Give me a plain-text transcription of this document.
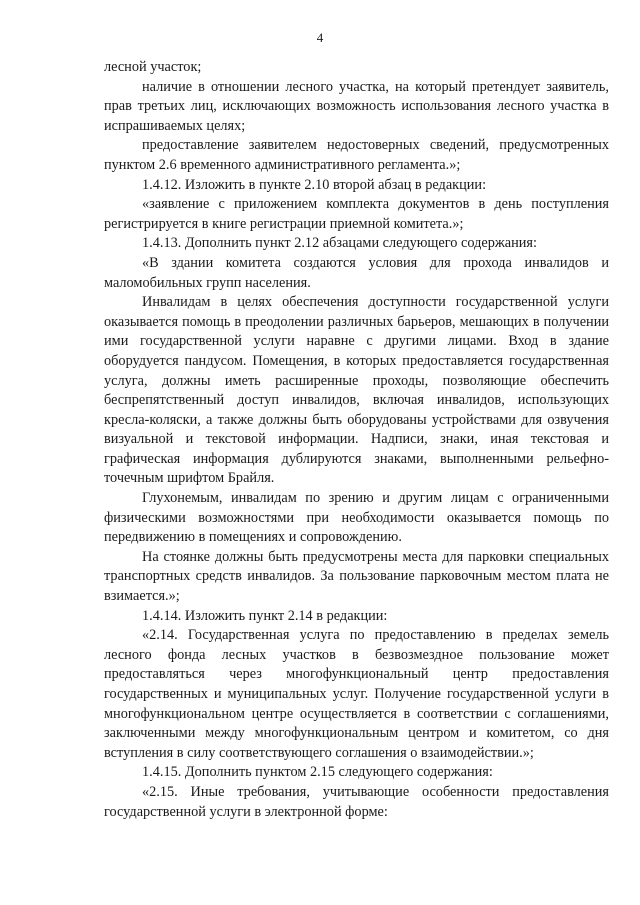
4

лесной участок;

наличие в отношении лесного участка, на который претендует заявитель, прав третьих лиц, исключающих возможность использования лесного участка в испрашиваемых целях;

предоставление заявителем недостоверных сведений, предусмотренных пунктом 2.6 временного административного регламента.»;

1.4.12. Изложить в пункте 2.10 второй абзац в редакции:

«заявление с приложением комплекта документов в день поступления регистрируется в книге регистрации приемной комитета.»;

1.4.13. Дополнить пункт 2.12 абзацами следующего содержания:

«В здании комитета создаются условия для прохода инвалидов и маломобильных групп населения.

Инвалидам в целях обеспечения доступности государственной услуги оказывается помощь в преодолении различных барьеров, мешающих в получении ими государственной услуги наравне с другими лицами. Вход в здание оборудуется пандусом. Помещения, в которых предоставляется государственная услуга, должны иметь расширенные проходы, позволяющие обеспечить беспрепятственный доступ инвалидов, включая инвалидов, использующих кресла-коляски, а также должны быть оборудованы устройствами для озвучения визуальной и текстовой информации. Надписи, знаки, иная текстовая и графическая информация дублируются знаками, выполненными рельефно-точечным шрифтом Брайля.

Глухонемым, инвалидам по зрению и другим лицам с ограниченными физическими возможностями при необходимости оказывается помощь по передвижению в помещениях и сопровождению.

На стоянке должны быть предусмотрены места для парковки специальных транспортных средств инвалидов. За пользование парковочным местом плата не взимается.»;

1.4.14. Изложить пункт 2.14 в редакции:

«2.14. Государственная услуга по предоставлению в пределах земель лесного фонда лесных участков в безвозмездное пользование может предоставляться через многофункциональный центр предоставления государственных и муниципальных услуг. Получение государственной услуги в многофункциональном центре осуществляется в соответствии с соглашениями, заключенными между многофункциональным центром и комитетом, со дня вступления в силу соответствующего соглашения о взаимодействии.»;

1.4.15. Дополнить пунктом 2.15 следующего содержания:

«2.15. Иные требования, учитывающие особенности предоставления государственной услуги в электронной форме:
